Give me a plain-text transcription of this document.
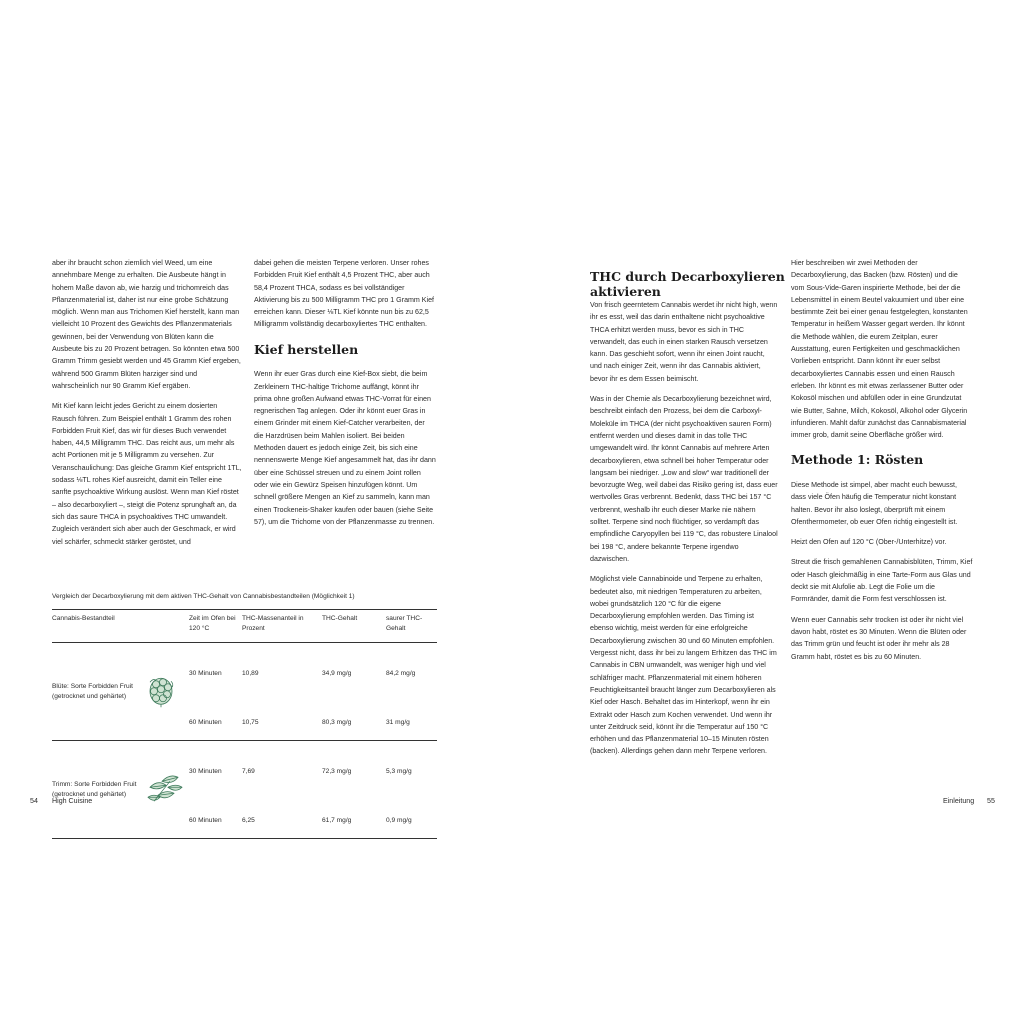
aber ihr braucht schon ziemlich viel Weed, um eine annehmbare Menge zu erhalten. Die Ausbeute hängt in hohem Maße davon ab, wie harzig und trichomreich das Pflanzenmaterial ist, daher ist nur eine grobe Schätzung möglich. Wenn man aus Trichomen Kief herstellt, kann man vielleicht 10 Prozent des Gewichts des Pflanzenmaterials gewinnen, bei der Verwendung von Blüten kann die Ausbeute bis zu 20 Prozent betragen. So könnten etwa 500 Gramm Trimm gesiebt werden und 45 Gramm Kief ergeben, während 500 Gramm Blüten harziger sind und wahrscheinlich nur 90 Gramm Kief ergäben.

Mit Kief kann leicht jedes Gericht zu einem dosierten Rausch führen. Zum Beispiel enthält 1 Gramm des rohen Forbidden Fruit Kief, das wir für dieses Buch verwendet haben, 44,5 Milligramm THC. Das reicht aus, um mehr als acht Portionen mit je 5 Milligramm zu versehen. Zur Veranschaulichung: Das gleiche Gramm Kief entspricht 1TL, sodass ⅛TL rohes Kief ausreicht, damit ein Teller eine sanfte psychoaktive Wirkung auslöst. Wenn man Kief röstet – also decarboxyliert –, steigt die Potenz sprunghaft an, da sich das saure THCA in psychoaktives THC umwandelt. Zugleich verändert sich aber auch der Geschmack, er wird viel schärfer, schmeckt stärker geröstet, und

dabei gehen die meisten Terpene verloren. Unser rohes Forbidden Fruit Kief enthält 4,5 Prozent THC, aber auch 58,4 Prozent THCA, sodass es bei vollständiger Aktivierung bis zu 500 Milligramm THC pro 1 Gramm Kief erreichen kann. Dieser ⅛TL Kief könnte nun bis zu 62,5 Milligramm vollständig decarboxyliertes THC enthalten.

Kief herstellen

Wenn ihr euer Gras durch eine Kief-Box siebt, die beim Zerkleinern THC-haltige Trichome auffängt, könnt ihr prima ohne großen Aufwand etwas THC-Vorrat für einen regnerischen Tag anlegen. Oder ihr könnt euer Gras in einem Grinder mit einem Kief-Catcher verarbeiten, der die Harzdrüsen beim Mahlen isoliert. Bei beiden Methoden dauert es jedoch einige Zeit, bis sich eine nennenswerte Menge Kief angesammelt hat, das ihr dann über eine Schüssel streuen und zu einem Joint rollen oder wie ein Gewürz Speisen hinzufügen könnt. Um schnell größere Mengen an Kief zu sammeln, kann man einen Trockeneis-Shaker kaufen oder bauen (siehe Seite 57), um die Trichome von der Pflanzenmasse zu trennen.

Vergleich der Decarboxylierung mit dem aktiven THC-Gehalt von Cannabisbestandteilen (Möglichkeit 1)
Cannabis-Bestandteil	Zeit im Ofen bei 120 °C	THC-Massenanteil in Prozent	THC-Gehalt	saurer THC-Gehalt

Blüte: Sorte Forbidden Fruit (getrocknet und gehärtet)	30 Minuten	10,89	34,9 mg/g	84,2 mg/g
	60 Minuten	10,75	80,3 mg/g	31 mg/g

Trimm: Sorte Forbidden Fruit (getrocknet und gehärtet)	30 Minuten	7,69	72,3 mg/g	5,3 mg/g
	60 Minuten	6,25	61,7 mg/g	0,9 mg/g
THC durch Decarboxylieren aktivieren

Von frisch geerntetem Cannabis werdet ihr nicht high, wenn ihr es esst, weil das darin enthaltene nicht psychoaktive THCA erhitzt werden muss, bevor es sich in THC verwandelt, das euch in einen starken Rausch versetzen kann. Das geschieht sofort, wenn ihr einen Joint raucht, und nach einiger Zeit, wenn ihr das Cannabis aktiviert, bevor ihr es dem Essen beimischt.

Was in der Chemie als Decarboxylierung bezeichnet wird, beschreibt einfach den Prozess, bei dem die Carboxyl-Moleküle im THCA (der nicht psychoaktiven sauren Form) entfernt werden und dieses damit in das tolle THC umgewandelt wird. Ihr könnt Cannabis auf mehrere Arten decarboxylieren, etwa schnell bei hoher Temperatur oder langsam bei niedriger. „Low and slow“ war traditionell der bevorzugte Weg, weil dabei das Risiko gering ist, dass euer wertvolles Gras verbrennt. Bedenkt, dass THC bei 157 °C verbrennt, weshalb ihr euch dieser Marke nie nähern solltet. Terpene sind noch flüchtiger, so verdampft das empfindliche Caryopyllen bei 119 °C, das robustere Linalool bei 198 °C, andere bekannte Terpene irgendwo dazwischen.

Möglichst viele Cannabinoide und Terpene zu erhalten, bedeutet also, mit niedrigen Temperaturen zu arbeiten, wobei grundsätzlich 120 °C für die eigene Decarboxylierung empfohlen werden. Das Timing ist ebenso wichtig, meist werden für eine erfolgreiche Decarboxylierung zwischen 30 und 60 Minuten empfohlen. Vergesst nicht, dass ihr bei zu langem Erhitzen das THC im Cannabis in CBN umwandelt, was weniger high und viel schläfriger macht. Pflanzenmaterial mit einem höheren Feuchtigkeitsanteil braucht länger zum Decarboxylieren als Kief oder Hasch. Behaltet das im Hinterkopf, wenn ihr ein Extrakt oder Hasch zum Kochen verwendet. Und wenn ihr unter Zeitdruck seid, könnt ihr die Temperatur auf 150 °C erhöhen und das Pflanzenmaterial 10–15 Minuten rösten (backen). Allerdings gehen dann mehr Terpene verloren.

Hier beschreiben wir zwei Methoden der Decarboxylierung, das Backen (bzw. Rösten) und die vom Sous-Vide-Garen inspirierte Methode, bei der die Lebensmittel in einem Beutel vakuumiert und über eine bestimmte Zeit bei einer genau festgelegten, konstanten Temperatur in heißem Wasser gegart werden. Ihr könnt die Methode wählen, die eurem Zeitplan, eurer Ausstattung, euren Fertigkeiten und geschmacklichen Vorlieben entspricht. Dann könnt ihr euer selbst decarboxyliertes Cannabis essen und einen Rausch erleben. Ihr könnt es mit etwas zerlassener Butter oder Kokosöl mischen und abfüllen oder in eine Grundzutat wie Butter, Sahne, Milch, Kokosöl, Alkohol oder Glycerin infundieren. Mahlt dafür zunächst das Cannabismaterial immer grob, damit seine Oberfläche größer wird.

Methode 1: Rösten

Diese Methode ist simpel, aber macht euch bewusst, dass viele Öfen häufig die Temperatur nicht konstant halten. Bevor ihr also loslegt, überprüft mit einem Ofenthermometer, ob euer Ofen richtig eingestellt ist.

Heizt den Ofen auf 120 °C (Ober-/Unterhitze) vor.

Streut die frisch gemahlenen Cannabisblüten, Trimm, Kief oder Hasch gleichmäßig in eine Tarte-Form aus Glas und deckt sie mit Alufolie ab. Legt die Folie um die Formränder, damit die Form fest verschlossen ist.

Wenn euer Cannabis sehr trocken ist oder ihr nicht viel davon habt, röstet es 30 Minuten. Wenn die Blüten oder das Trimm grün und feucht ist oder ihr mehr als 28 Gramm habt, röstet es bis zu 60 Minuten.

54 High Cuisine	Einleitung 55
